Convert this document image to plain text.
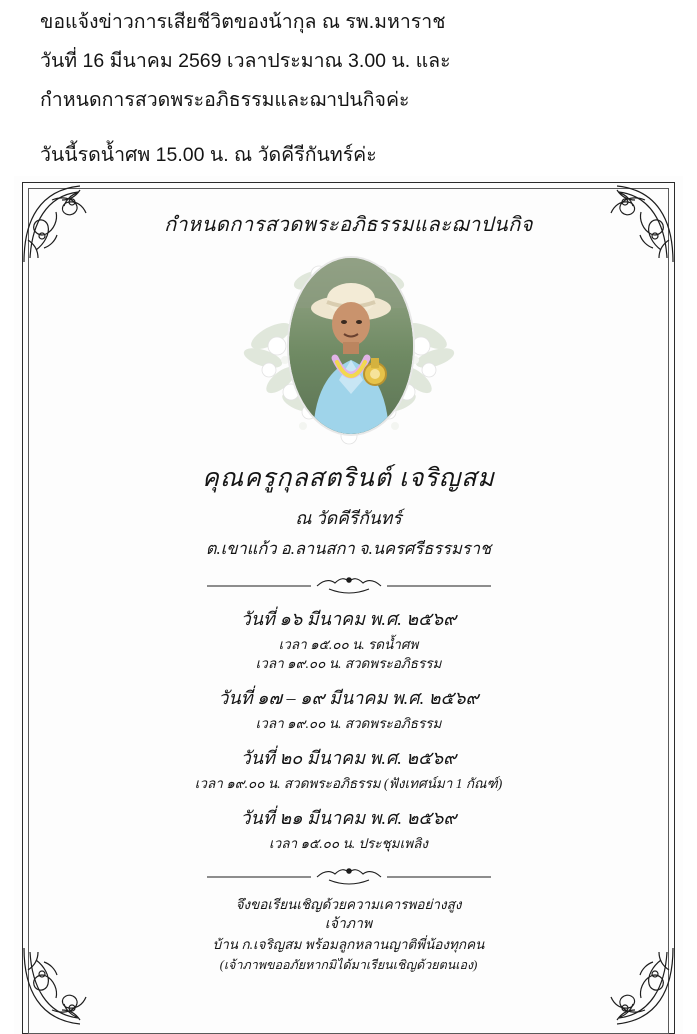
ขอแจ้งข่าวการเสียชีวิตของน้ากุล ณ รพ.มหาราช

วันที่ 16 มีนาคม 2569 เวลาประมาณ 3.00 น. และ

กำหนดการสวดพระอภิธรรมและฌาปนกิจค่ะ

วันนี้รดน้ำศพ 15.00 น. ณ วัดคีรีกันทร์ค่ะ

กำหนดการสวดพระอภิธรรมและฌาปนกิจ
คุณครูกุลสตรินต์ เจริญสม
ณ วัดคีรีกันทร์
ต.เขาแก้ว อ.ลานสกา จ.นครศรีธรรมราช
วันที่ ๑๖ มีนาคม พ.ศ. ๒๕๖๙
เวลา ๑๕.๐๐ น. รดน้ำศพ
เวลา ๑๙.๐๐ น. สวดพระอภิธรรม
วันที่ ๑๗ – ๑๙ มีนาคม พ.ศ. ๒๕๖๙
เวลา ๑๙.๐๐ น. สวดพระอภิธรรม
วันที่ ๒๐ มีนาคม พ.ศ. ๒๕๖๙
เวลา ๑๙.๐๐ น. สวดพระอภิธรรม (ฟังเทศน์มา 1 กัณฑ์)
วันที่ ๒๑ มีนาคม พ.ศ. ๒๕๖๙
เวลา ๑๕.๐๐ น. ประชุมเพลิง
จึงขอเรียนเชิญด้วยความเคารพอย่างสูง
เจ้าภาพ
บ้าน ก.เจริญสม พร้อมลูกหลานญาติพี่น้องทุกคน
(เจ้าภาพขออภัยหากมิได้มาเรียนเชิญด้วยตนเอง)
